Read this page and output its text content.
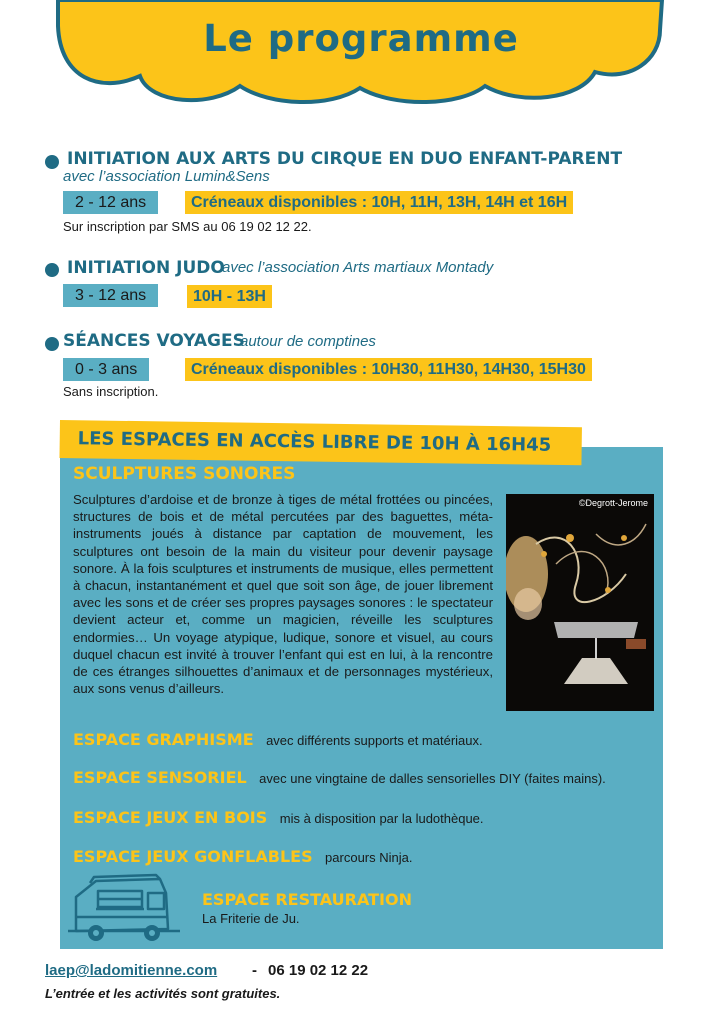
Le programme
INITIATION AUX ARTS DU CIRQUE EN DUO ENFANT-PARENT
avec l’association Lumin&Sens
2 - 12 ans	Créneaux disponibles : 10H, 11H, 13H, 14H et 16H
Sur inscription par SMS au 06 19 02 12 22.
INITIATION JUDO
avec l’association Arts martiaux Montady
3 - 12 ans	10H - 13H
SÉANCES VOYAGES
autour de comptines
0 - 3 ans	Créneaux disponibles : 10H30, 11H30, 14H30, 15H30
Sans inscription.
LES ESPACES EN ACCÈS LIBRE DE 10H À 16H45
SCULPTURES SONORES
Sculptures d’ardoise et de bronze à tiges de métal frottées ou pincées, structures de bois et de métal percutées par des baguettes, méta-instruments joués à distance par captation de mouvement, les sculptures ont besoin de la main du visiteur pour devenir paysage sonore. À la fois sculptures et instruments de musique, elles permettent à chacun, instantanément et quel que soit son âge, de jouer librement avec les sons et de créer ses propres paysages sonores : le spectateur devient acteur et, comme un magicien, réveille les sculptures endormies… Un voyage atypique, ludique, sonore et visuel, au cours duquel chacun est invité à trouver l’enfant qui est en lui, à la rencontre de ces étranges silhouettes d’animaux et de personnages mystérieux, aux sons venus d’ailleurs.
©Degrott-Jerome
ESPACE GRAPHISME avec différents supports et matériaux.
ESPACE SENSORIEL avec une vingtaine de dalles sensorielles DIY (faites mains).
ESPACE JEUX EN BOIS mis à disposition par la ludothèque.
ESPACE JEUX GONFLABLES parcours Ninja.
ESPACE RESTAURATION
La Friterie de Ju.
laep@ladomitienne.com - 06 19 02 12 22
L’entrée et les activités sont gratuites.
